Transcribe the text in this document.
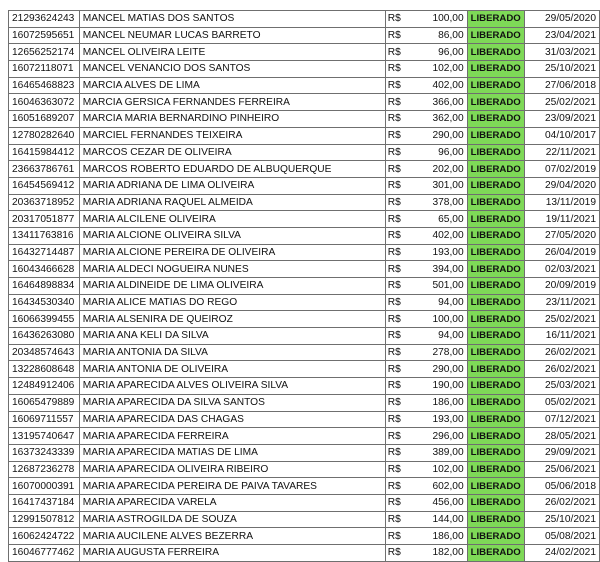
21293624243	MANCEL MATIAS DOS SANTOS	R$	100,00	LIBERADO	29/05/2020
16072595651	MANCEL NEUMAR LUCAS BARRETO	R$	86,00	LIBERADO	23/04/2021
12656252174	MANCEL OLIVEIRA LEITE	R$	96,00	LIBERADO	31/03/2021
16072118071	MANCEL VENANCIO DOS SANTOS	R$	102,00	LIBERADO	25/10/2021
16465468823	MARCIA ALVES DE LIMA	R$	402,00	LIBERADO	27/06/2018
16046363072	MARCIA GERSICA FERNANDES FERREIRA	R$	366,00	LIBERADO	25/02/2021
16051689207	MARCIA MARIA BERNARDINO PINHEIRO	R$	362,00	LIBERADO	23/09/2021
12780282640	MARCIEL FERNANDES TEIXEIRA	R$	290,00	LIBERADO	04/10/2017
16415984412	MARCOS CEZAR DE OLIVEIRA	R$	96,00	LIBERADO	22/11/2021
23663786761	MARCOS ROBERTO EDUARDO DE ALBUQUERQUE	R$	202,00	LIBERADO	07/02/2019
16454569412	MARIA ADRIANA DE LIMA OLIVEIRA	R$	301,00	LIBERADO	29/04/2020
20363718952	MARIA ADRIANA RAQUEL ALMEIDA	R$	378,00	LIBERADO	13/11/2019
20317051877	MARIA ALCILENE OLIVEIRA	R$	65,00	LIBERADO	19/11/2021
13411763816	MARIA ALCIONE OLIVEIRA SILVA	R$	402,00	LIBERADO	27/05/2020
16432714487	MARIA ALCIONE PEREIRA DE OLIVEIRA	R$	193,00	LIBERADO	26/04/2019
16043466628	MARIA ALDECI NOGUEIRA NUNES	R$	394,00	LIBERADO	02/03/2021
16464898834	MARIA ALDINEIDE DE LIMA OLIVEIRA	R$	501,00	LIBERADO	20/09/2019
16434530340	MARIA ALICE MATIAS DO REGO	R$	94,00	LIBERADO	23/11/2021
16066399455	MARIA ALSENIRA DE QUEIROZ	R$	100,00	LIBERADO	25/02/2021
16436263080	MARIA ANA KELI DA SILVA	R$	94,00	LIBERADO	16/11/2021
20348574643	MARIA ANTONIA DA SILVA	R$	278,00	LIBERADO	26/02/2021
13228608648	MARIA ANTONIA DE OLIVEIRA	R$	290,00	LIBERADO	26/02/2021
12484912406	MARIA APARECIDA ALVES OLIVEIRA SILVA	R$	190,00	LIBERADO	25/03/2021
16065479889	MARIA APARECIDA DA SILVA SANTOS	R$	186,00	LIBERADO	05/02/2021
16069711557	MARIA APARECIDA DAS CHAGAS	R$	193,00	LIBERADO	07/12/2021
13195740647	MARIA APARECIDA FERREIRA	R$	296,00	LIBERADO	28/05/2021
16373243339	MARIA APARECIDA MATIAS DE LIMA	R$	389,00	LIBERADO	29/09/2021
12687236278	MARIA APARECIDA OLIVEIRA RIBEIRO	R$	102,00	LIBERADO	25/06/2021
16070000391	MARIA APARECIDA PEREIRA DE PAIVA TAVARES	R$	602,00	LIBERADO	05/06/2018
16417437184	MARIA APARECIDA VARELA	R$	456,00	LIBERADO	26/02/2021
12991507812	MARIA ASTROGILDA DE SOUZA	R$	144,00	LIBERADO	25/10/2021
16062424722	MARIA AUCILENE ALVES BEZERRA	R$	186,00	LIBERADO	05/08/2021
16046777462	MARIA AUGUSTA FERREIRA	R$	182,00	LIBERADO	24/02/2021
